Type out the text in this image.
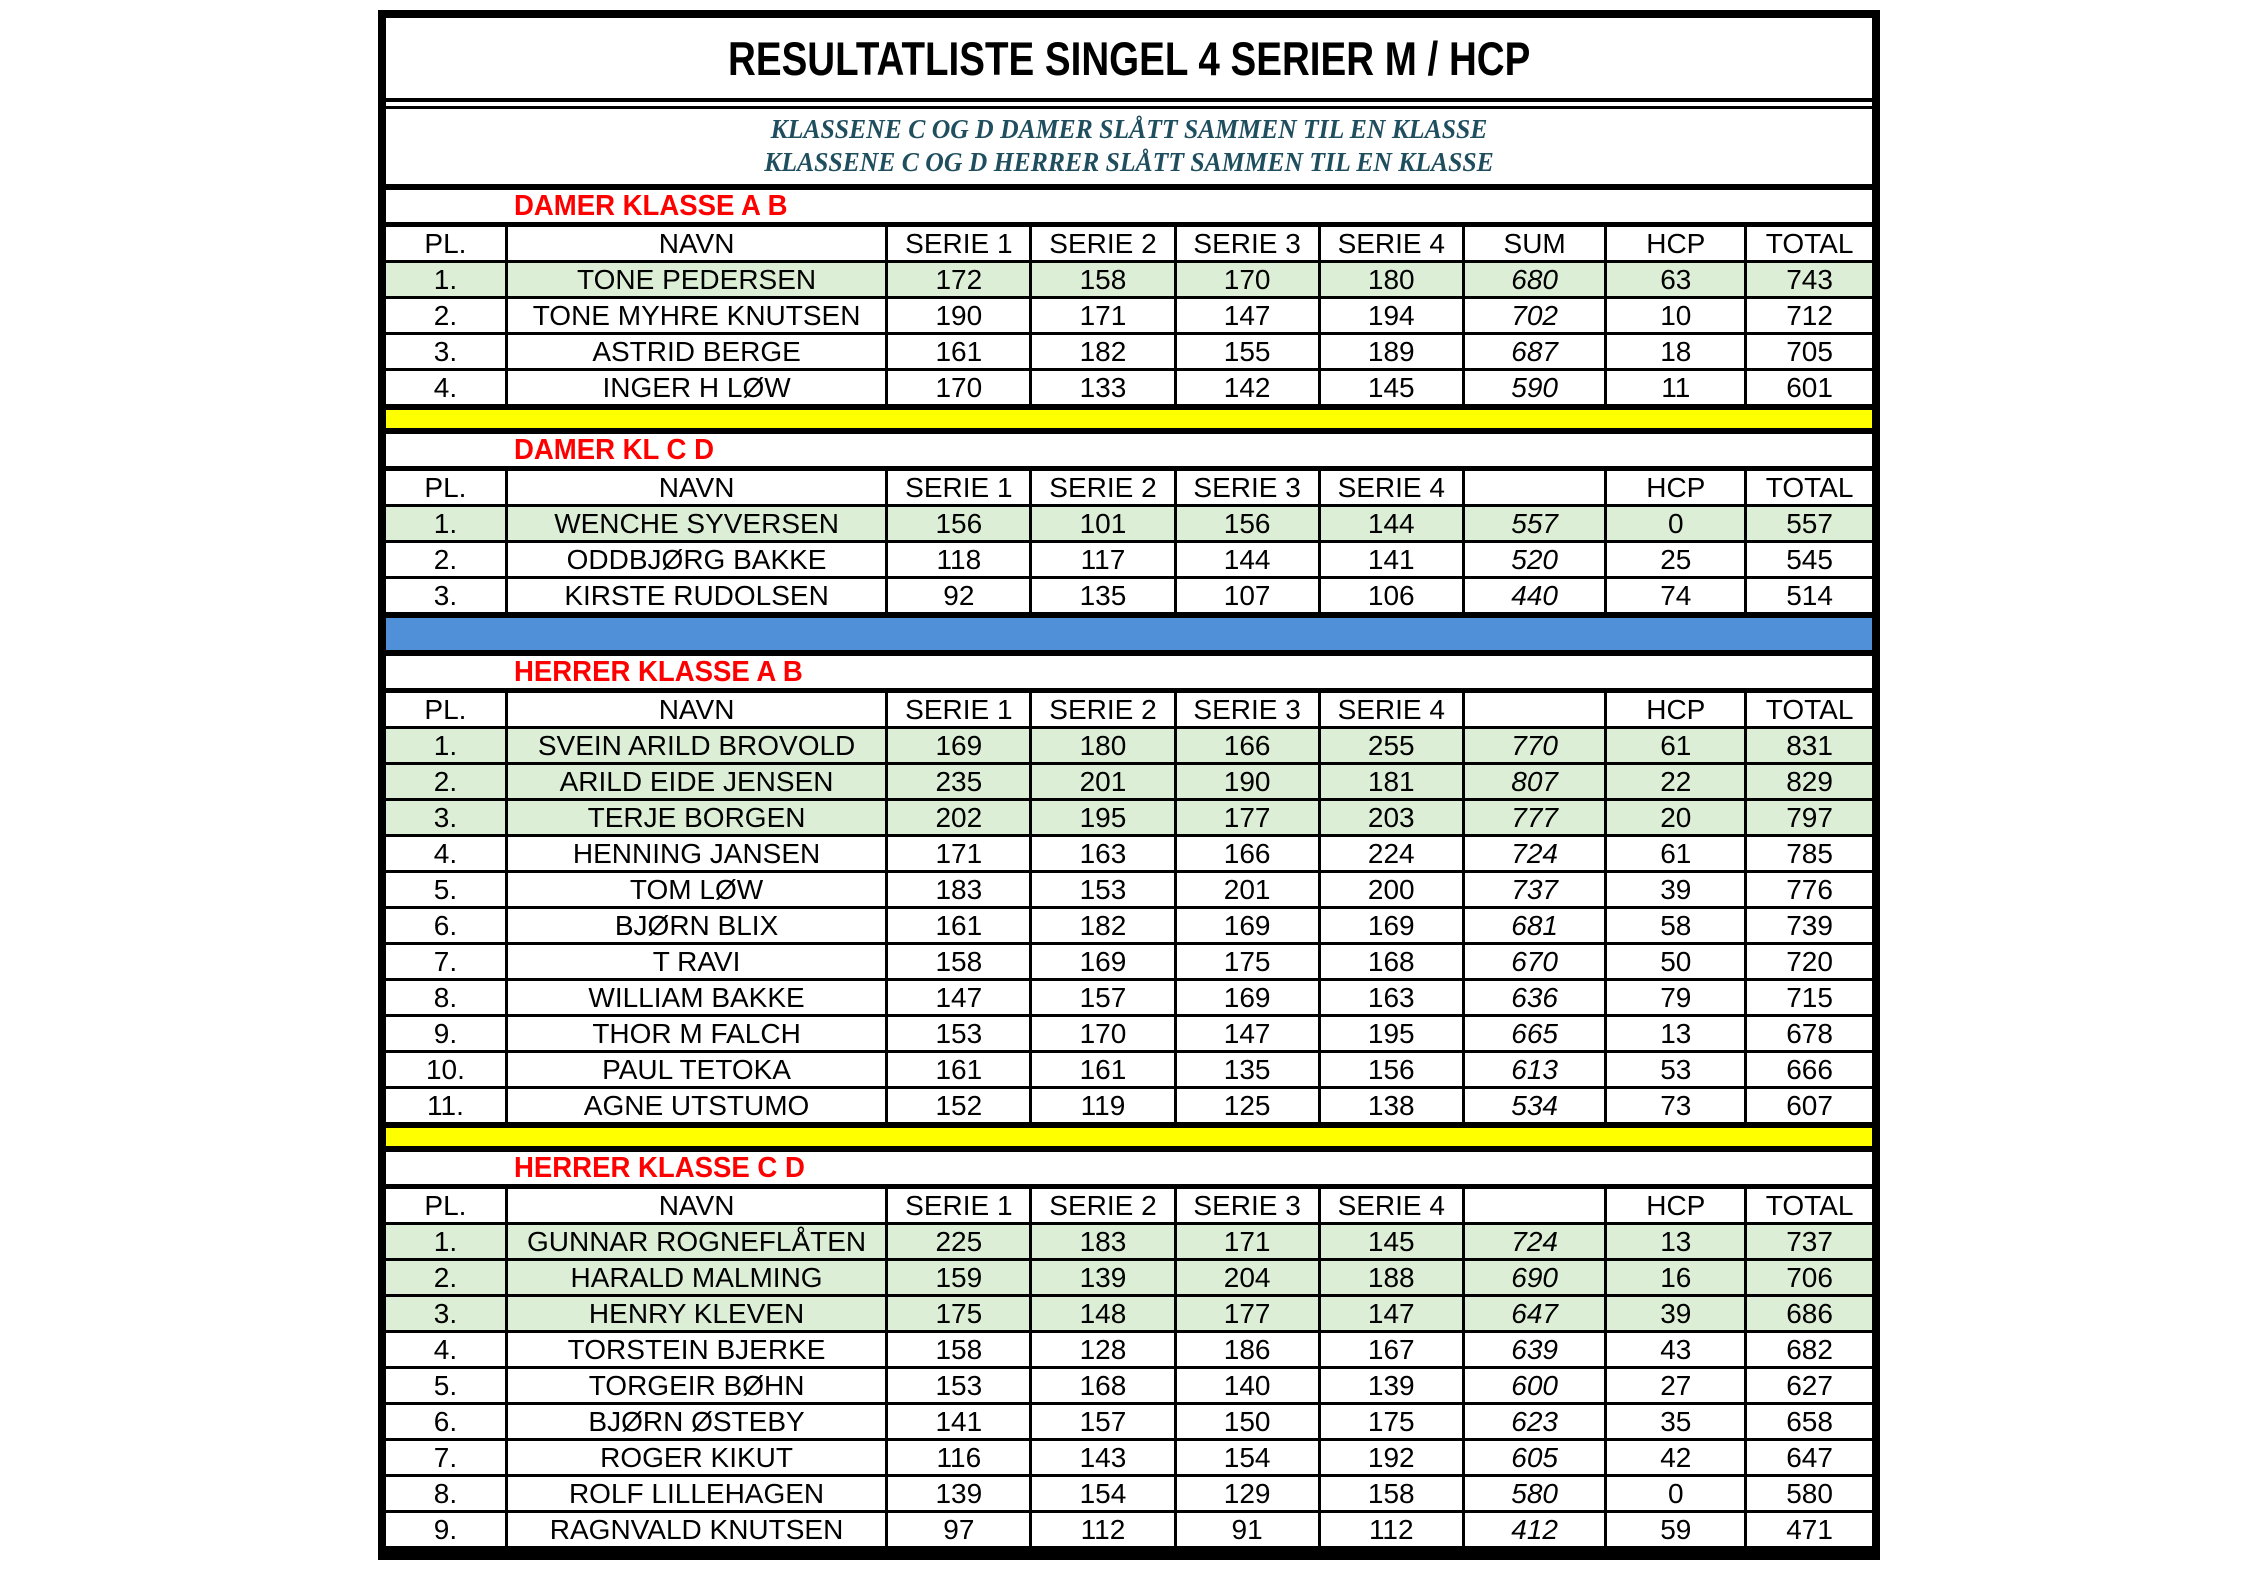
RESULTATLISTE SINGEL 4 SERIER M / HCP
KLASSENE C OG D DAMER SLÅTT SAMMEN TIL EN KLASSE
KLASSENE C OG D HERRER SLÅTT SAMMEN TIL EN KLASSE
DAMER KLASSE A B
PL.	NAVN	SERIE 1	SERIE 2	SERIE 3	SERIE 4	SUM	HCP	TOTAL
1.	TONE PEDERSEN	172	158	170	180	680	63	743
2.	TONE MYHRE KNUTSEN	190	171	147	194	702	10	712
3.	ASTRID BERGE	161	182	155	189	687	18	705
4.	INGER H LØW	170	133	142	145	590	11	601
DAMER KL C D
PL.	NAVN	SERIE 1	SERIE 2	SERIE 3	SERIE 4		HCP	TOTAL
1.	WENCHE SYVERSEN	156	101	156	144	557	0	557
2.	ODDBJØRG BAKKE	118	117	144	141	520	25	545
3.	KIRSTE RUDOLSEN	92	135	107	106	440	74	514
HERRER KLASSE A B
PL.	NAVN	SERIE 1	SERIE 2	SERIE 3	SERIE 4		HCP	TOTAL
1.	SVEIN ARILD BROVOLD	169	180	166	255	770	61	831
2.	ARILD EIDE JENSEN	235	201	190	181	807	22	829
3.	TERJE BORGEN	202	195	177	203	777	20	797
4.	HENNING JANSEN	171	163	166	224	724	61	785
5.	TOM LØW	183	153	201	200	737	39	776
6.	BJØRN BLIX	161	182	169	169	681	58	739
7.	T RAVI	158	169	175	168	670	50	720
8.	WILLIAM BAKKE	147	157	169	163	636	79	715
9.	THOR M FALCH	153	170	147	195	665	13	678
10.	PAUL TETOKA	161	161	135	156	613	53	666
11.	AGNE UTSTUMO	152	119	125	138	534	73	607
HERRER KLASSE C D
PL.	NAVN	SERIE 1	SERIE 2	SERIE 3	SERIE 4		HCP	TOTAL
1.	GUNNAR ROGNEFLÅTEN	225	183	171	145	724	13	737
2.	HARALD MALMING	159	139	204	188	690	16	706
3.	HENRY KLEVEN	175	148	177	147	647	39	686
4.	TORSTEIN BJERKE	158	128	186	167	639	43	682
5.	TORGEIR BØHN	153	168	140	139	600	27	627
6.	BJØRN ØSTEBY	141	157	150	175	623	35	658
7.	ROGER KIKUT	116	143	154	192	605	42	647
8.	ROLF LILLEHAGEN	139	154	129	158	580	0	580
9.	RAGNVALD KNUTSEN	97	112	91	112	412	59	471
